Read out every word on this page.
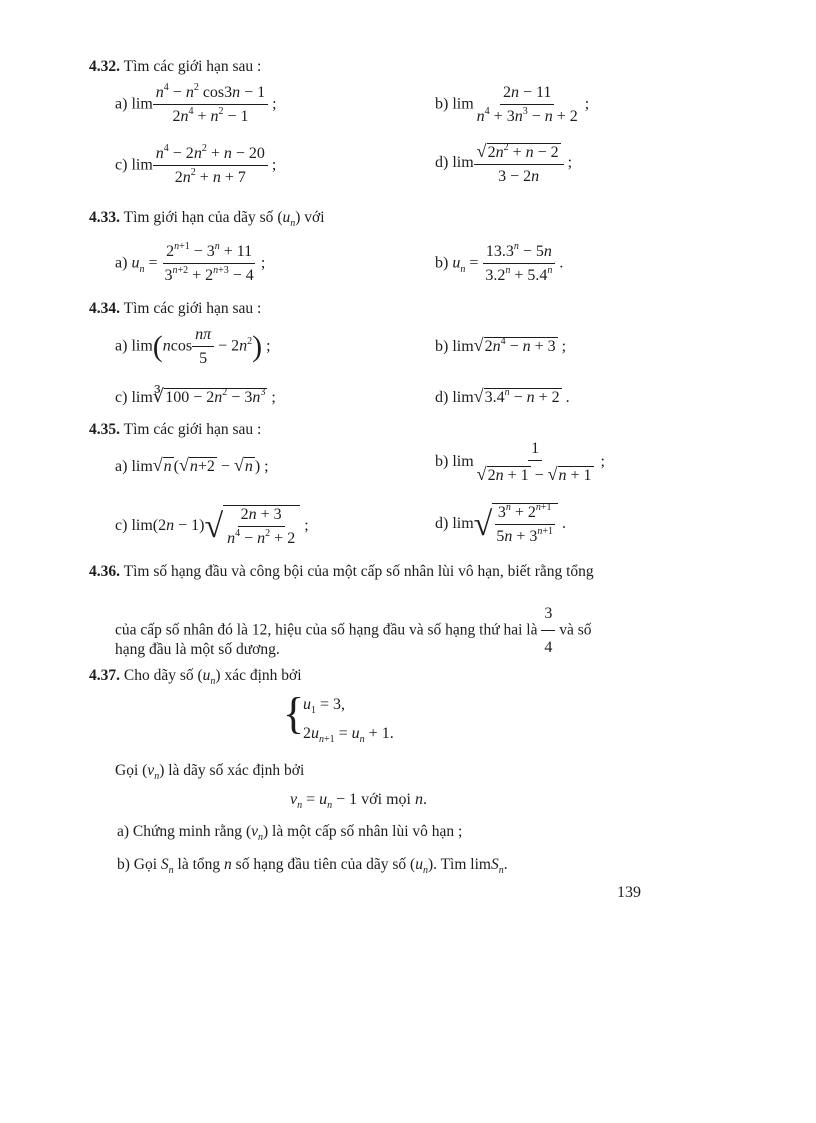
4.32. Tìm các giới hạn sau :
a) $\lim \frac{n^4 - n^2 \cos 3n - 1}{2n^4 + n^2 - 1}$ ;	b) $\lim \frac{2n - 11}{n^4 + 3n^3 - n + 2}$ ;
c) $\lim \frac{n^4 - 2n^2 + n - 20}{2n^2 + n + 7}$ ;	d) $\lim \frac{√2n^2 + n - 2}{3 - 2n}$ ;
4.33. Tìm giới hạn của dãy số $(u_n)$ với
a) $u_n = \frac{2^{n+1} - 3^n + 11}{3^{n+2} + 2^{n+3} - 4}$ ;	b) $u_n = \frac{13.3^n - 5n}{3.2^n + 5.4^n}$ .
4.34. Tìm các giới hạn sau :
a) $\lim(ncos \frac{n\pi}{5} - 2n^2)$ ;	b) $\lim√2n^4 - n + 3$ ;
c) lim∛100 − $2n^2 - 3n^3$ ;	d) $\lim√3.4^n - n + 2$ .
4.35. Tìm các giới hạn sau :
a) lim√n (√n+2 − √n ) ;	b) $\lim \frac{1}{√2n + 1 - √n + 1}$ ;
c) $\lim(2n - 1)√ \frac{2n + 3}{n^4 - n^2 + 2}$ ;	d) $\lim√ \frac{3^n + 2^{n+1}}{5n + 3^{n+1}}$ .
4.36. Tìm số hạng đầu và công bội của một cấp số nhân lùi vô hạn, biết rằng tổng
của cấp số nhân đó là 12, hiệu của số hạng đầu và số hạng thứ hai là $\frac{3}{4}$ và số
hạng đầu là một số dương.
4.37. Cho dãy số $(u_n)$ xác định bởi
{
$u_1 = 3$,
$2u_{n+1} = u_n + 1$.
Gọi $(v_n)$ là dãy số xác định bởi
$v_n = u_n - 1$ với mọi n.
a) Chứng minh rằng $(v_n)$ là một cấp số nhân lùi vô hạn ;
b) Gọi $S_n$ là tổng n số hạng đầu tiên của dãy số $(u_n)$. Tìm limS$_n$.
139
